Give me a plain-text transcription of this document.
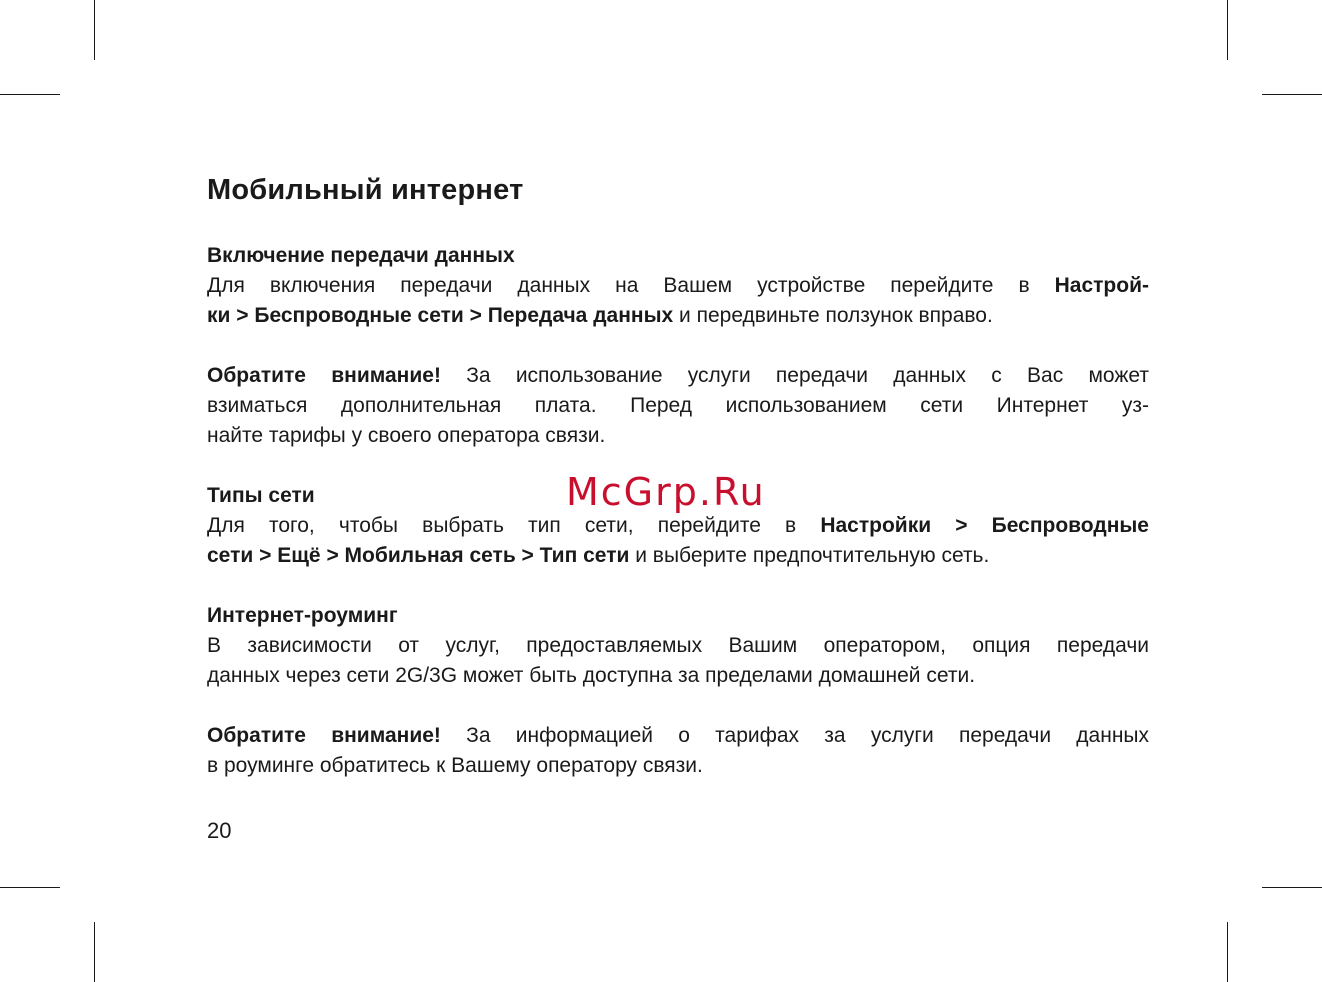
Мобильный интернет

Включение передачи данных

Для включения передачи данных на Вашем устройстве перейдите в Настрой-

ки > Беспроводные сети > Передача данных и передвиньте ползунок вправо.

Обратите внимание! За использование услуги передачи данных с Вас может

взиматься дополнительная плата. Перед использованием сети Интернет уз-

найте тарифы у своего оператора связи.

Типы сети

Для того, чтобы выбрать тип сети, перейдите в Настройки > Беспроводные

сети > Ещё > Мобильная сеть > Тип сети и выберите предпочтительную сеть.

Интернет-роуминг

В зависимости от услуг, предоставляемых Вашим оператором, опция передачи

данных через сети 2G/3G может быть доступна за пределами домашней сети.

Обратите внимание! За информацией о тарифах за услуги передачи данных

в роуминге обратитесь к Вашему оператору связи.

McGrp.Ru
20
